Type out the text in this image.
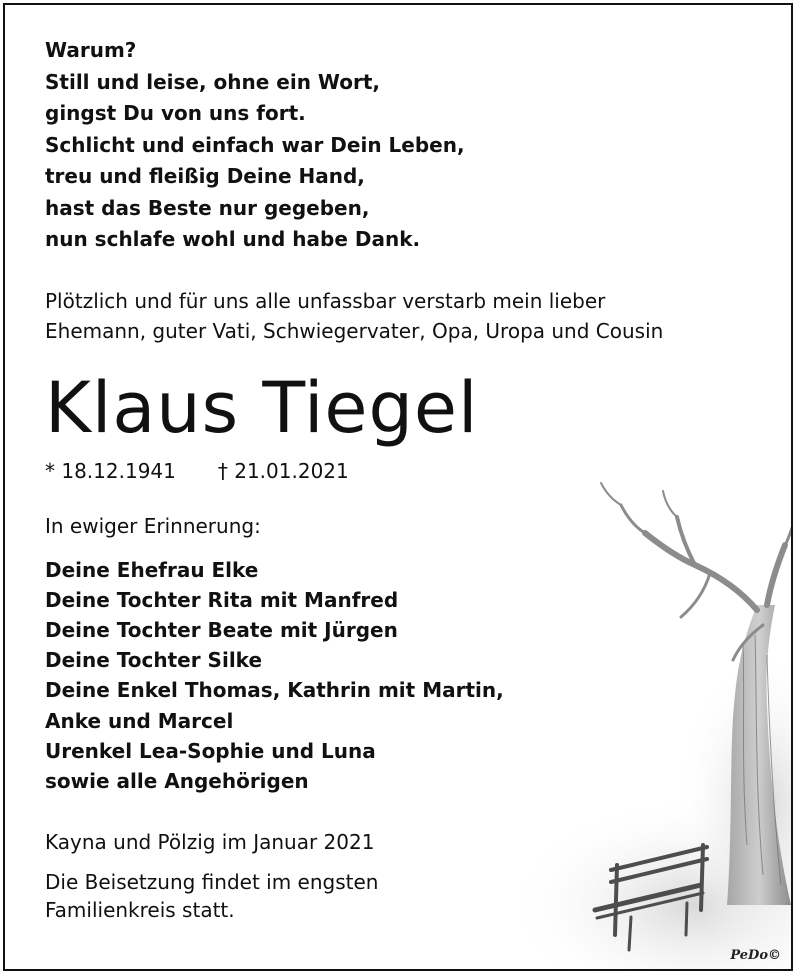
Warum?
Still und leise, ohne ein Wort,
gingst Du von uns fort.
Schlicht und einfach war Dein Leben,
treu und fleißig Deine Hand,
hast das Beste nur gegeben,
nun schlafe wohl und habe Dank.
Plötzlich und für uns alle unfassbar verstarb mein lieber
Ehemann, guter Vati, Schwiegervater, Opa, Uropa und Cousin
Klaus Tiegel
* 18.12.1941 † 21.01.2021
In ewiger Erinnerung:
Deine Ehefrau Elke
Deine Tochter Rita mit Manfred
Deine Tochter Beate mit Jürgen
Deine Tochter Silke
Deine Enkel Thomas, Kathrin mit Martin,
Anke und Marcel
Urenkel Lea-Sophie und Luna
sowie alle Angehörigen
Kayna und Pölzig im Januar 2021
Die Beisetzung findet im engsten
Familienkreis statt.
PeDo©
